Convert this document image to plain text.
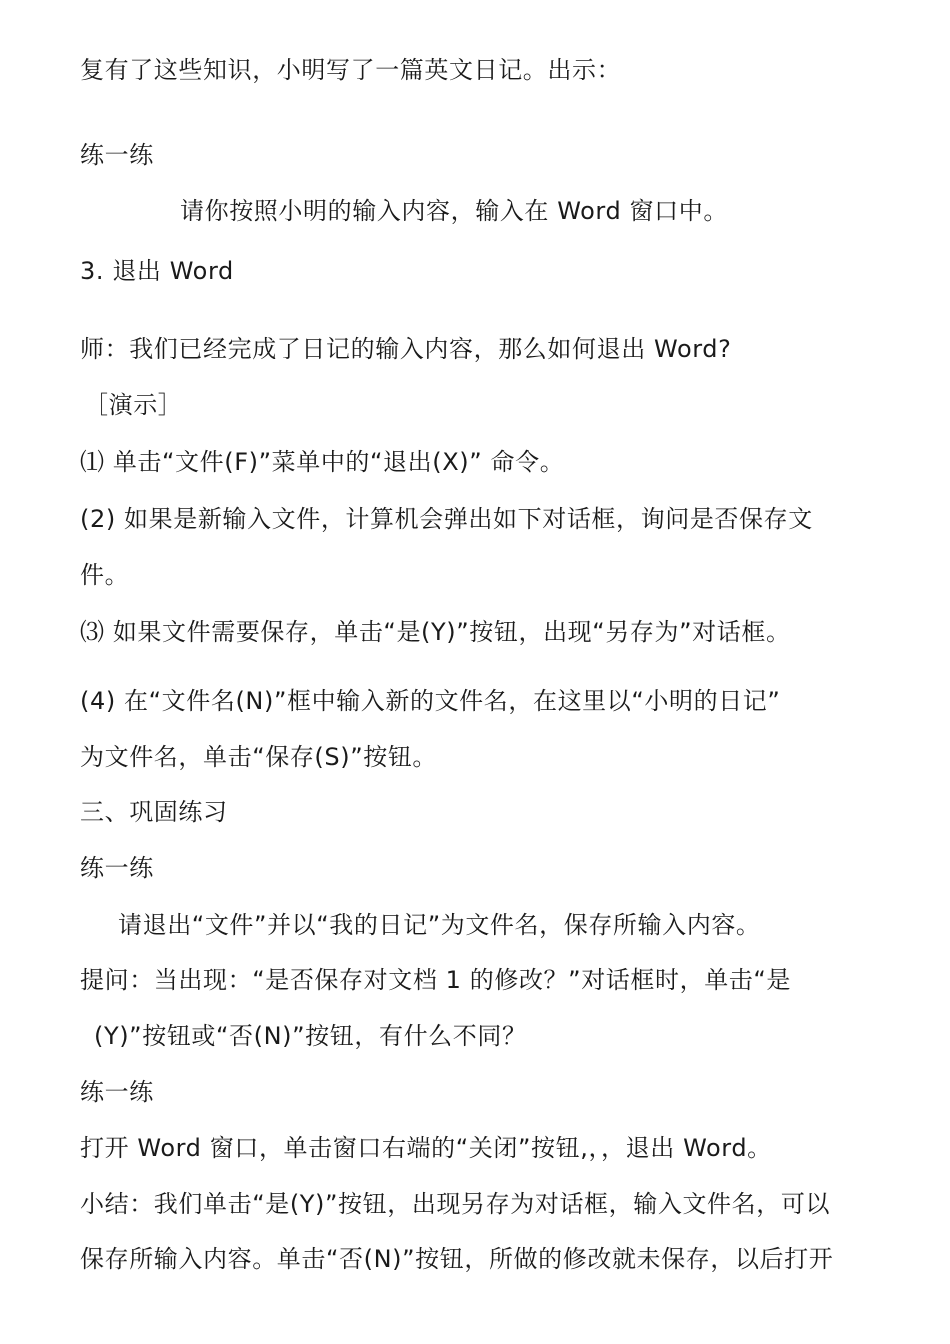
复有了这些知识，小明写了一篇英文日记。出示：
练一练
请你按照小明的输入内容，输入在 Word 窗口中。
3. 退出 Word
师：我们已经完成了日记的输入内容，那么如何退出 Word?
［演示］
⑴ 单击“文件(F)”菜单中的“退出(X)” 命令。
(2) 如果是新输入文件，计算机会弹出如下对话框，询问是否保存文
件。
⑶ 如果文件需要保存，单击“是(Y)”按钮，出现“另存为”对话框。
(4) 在“文件名(N)”框中输入新的文件名，在这里以“小明的日记”
为文件名，单击“保存(S)”按钮。
三、巩固练习
练一练
请退出“文件”并以“我的日记”为文件名，保存所输入内容。
提问：当出现：“是否保存对文档 1 的修改？”对话框时，单击“是
(Y)”按钮或“否(N)”按钮，有什么不同？
练一练
打开 Word 窗口，单击窗口右端的“关闭”按钮,，，退出 Word。
小结：我们单击“是(Y)”按钮，出现另存为对话框，输入文件名，可以
保存所输入内容。单击“否(N)”按钮，所做的修改就未保存，以后打开
